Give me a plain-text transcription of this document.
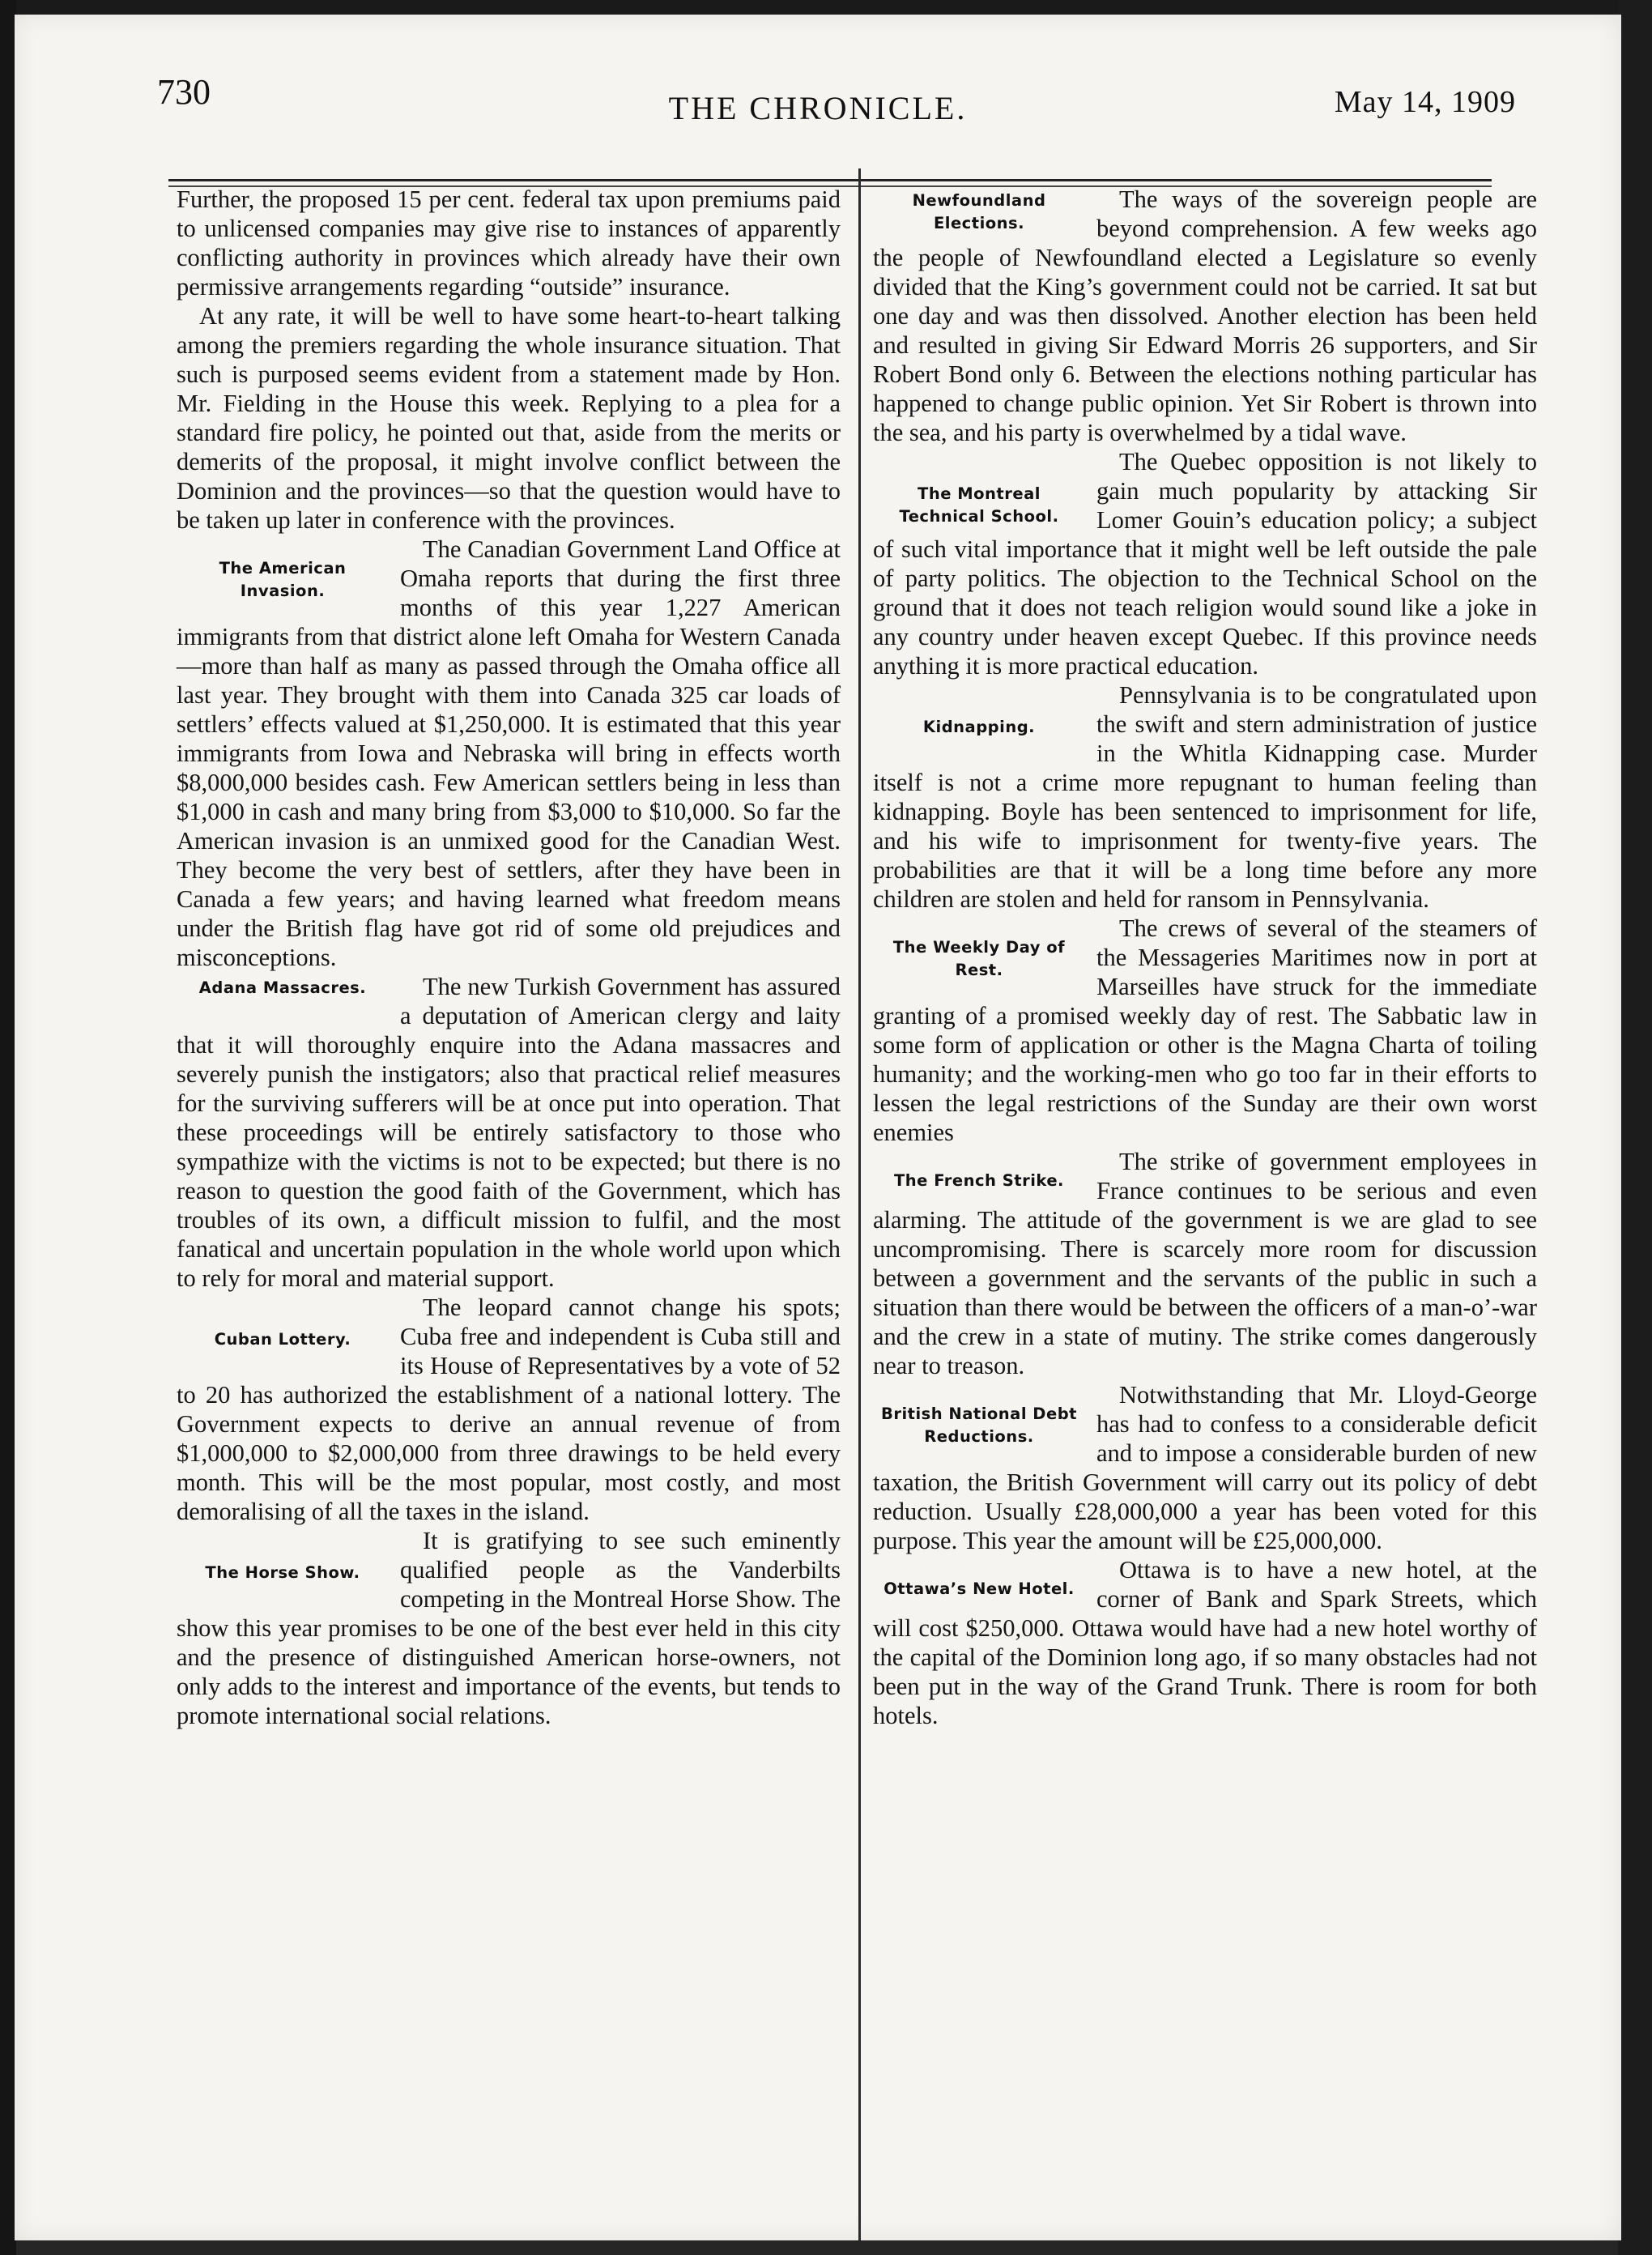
730	THE CHRONICLE.	May 14, 1909

Further, the proposed 15 per cent. federal tax upon premiums paid to unlicensed companies may give rise to instances of apparently conflicting authority in provinces which already have their own permissive arrangements regarding “outside” insurance.

At any rate, it will be well to have some heart-to-heart talking among the premiers regarding the whole insurance situation. That such is purposed seems evident from a statement made by Hon. Mr. Fielding in the House this week. Replying to a plea for a standard fire policy, he pointed out that, aside from the merits or demerits of the proposal, it might involve conflict between the Dominion and the provinces—so that the question would have to be taken up later in conference with the provinces.

The American Invasion.

The Canadian Government Land Office at Omaha reports that during the first three months of this year 1,227 American immigrants from that district alone left Omaha for Western Canada—more than half as many as passed through the Omaha office all last year. They brought with them into Canada 325 car loads of settlers’ effects valued at $1,250,000. It is estimated that this year immigrants from Iowa and Nebraska will bring in effects worth $8,000,000 besides cash. Few American settlers being in less than $1,000 in cash and many bring from $3,000 to $10,000. So far the American invasion is an unmixed good for the Canadian West. They become the very best of settlers, after they have been in Canada a few years; and having learned what freedom means under the British flag have got rid of some old prejudices and misconceptions.

Adana Massacres.	The new Turkish Government has assured a deputation of American clergy and laity that it will thoroughly enquire into the Adana massacres and severely punish the instigators; also that practical relief measures for the surviving sufferers will be at once put into operation. That these proceedings will be entirely satisfactory to those who sympathize with the victims is not to be expected; but there is no reason to question the good faith of the Government, which has troubles of its own, a difficult mission to fulfil, and the most fanatical and uncertain population in the whole world upon which to rely for moral and material support.

Cuban Lottery.

The leopard cannot change his spots; Cuba free and independent is Cuba still and its House of Representatives by a vote of 52 to 20 has authorized the establishment of a national lottery. The Government expects to derive an annual revenue of from $1,000,000 to $2,000,000 from three drawings to be held every month. This will be the most popular, most costly, and most demoralising of all the taxes in the island.

The Horse Show.

It is gratifying to see such eminently qualified people as the Vanderbilts competing in the Montreal Horse Show. The show this year promises to be one of the best ever held in this city and the presence of distinguished American horse-owners, not only adds to the interest and importance of the events, but tends to promote international social relations.

Newfoundland Elections.

The ways of the sovereign people are beyond comprehension. A few weeks ago the people of Newfoundland elected a Legislature so evenly divided that the King’s government could not be carried. It sat but one day and was then dissolved. Another election has been held and resulted in giving Sir Edward Morris 26 supporters, and Sir Robert Bond only 6. Between the elections nothing particular has happened to change public opinion. Yet Sir Robert is thrown into the sea, and his party is overwhelmed by a tidal wave.

The Montreal Technical School.

The Quebec opposition is not likely to gain much popularity by attacking Sir Lomer Gouin’s education policy; a subject of such vital importance that it might well be left outside the pale of party politics. The objection to the Technical School on the ground that it does not teach religion would sound like a joke in any country under heaven except Quebec. If this province needs anything it is more practical education.

Kidnapping.

Pennsylvania is to be congratulated upon the swift and stern administration of justice in the Whitla Kidnapping case. Murder itself is not a crime more repugnant to human feeling than kidnapping. Boyle has been sentenced to imprisonment for life, and his wife to imprisonment for twenty-five years. The probabilities are that it will be a long time before any more children are stolen and held for ransom in Pennsylvania.

The Weekly Day of Rest.

The crews of several of the steamers of the Messageries Maritimes now in port at Marseilles have struck for the immediate granting of a promised weekly day of rest. The Sabbatic law in some form of application or other is the Magna Charta of toiling humanity; and the working-men who go too far in their efforts to lessen the legal restrictions of the Sunday are their own worst enemies

The French Strike.

The strike of government employees in France continues to be serious and even alarming. The attitude of the government is we are glad to see uncompromising. There is scarcely more room for discussion between a government and the servants of the public in such a situation than there would be between the officers of a man-o’-war and the crew in a state of mutiny. The strike comes dangerously near to treason.

British National Debt Reductions.

Notwithstanding that Mr. Lloyd-George has had to confess to a considerable deficit and to impose a considerable burden of new taxation, the British Government will carry out its policy of debt reduction. Usually £28,000,000 a year has been voted for this purpose. This year the amount will be £25,000,000.

Ottawa’s New Hotel.

Ottawa is to have a new hotel, at the corner of Bank and Spark Streets, which will cost $250,000. Ottawa would have had a new hotel worthy of the capital of the Dominion long ago, if so many obstacles had not been put in the way of the Grand Trunk. There is room for both hotels.
